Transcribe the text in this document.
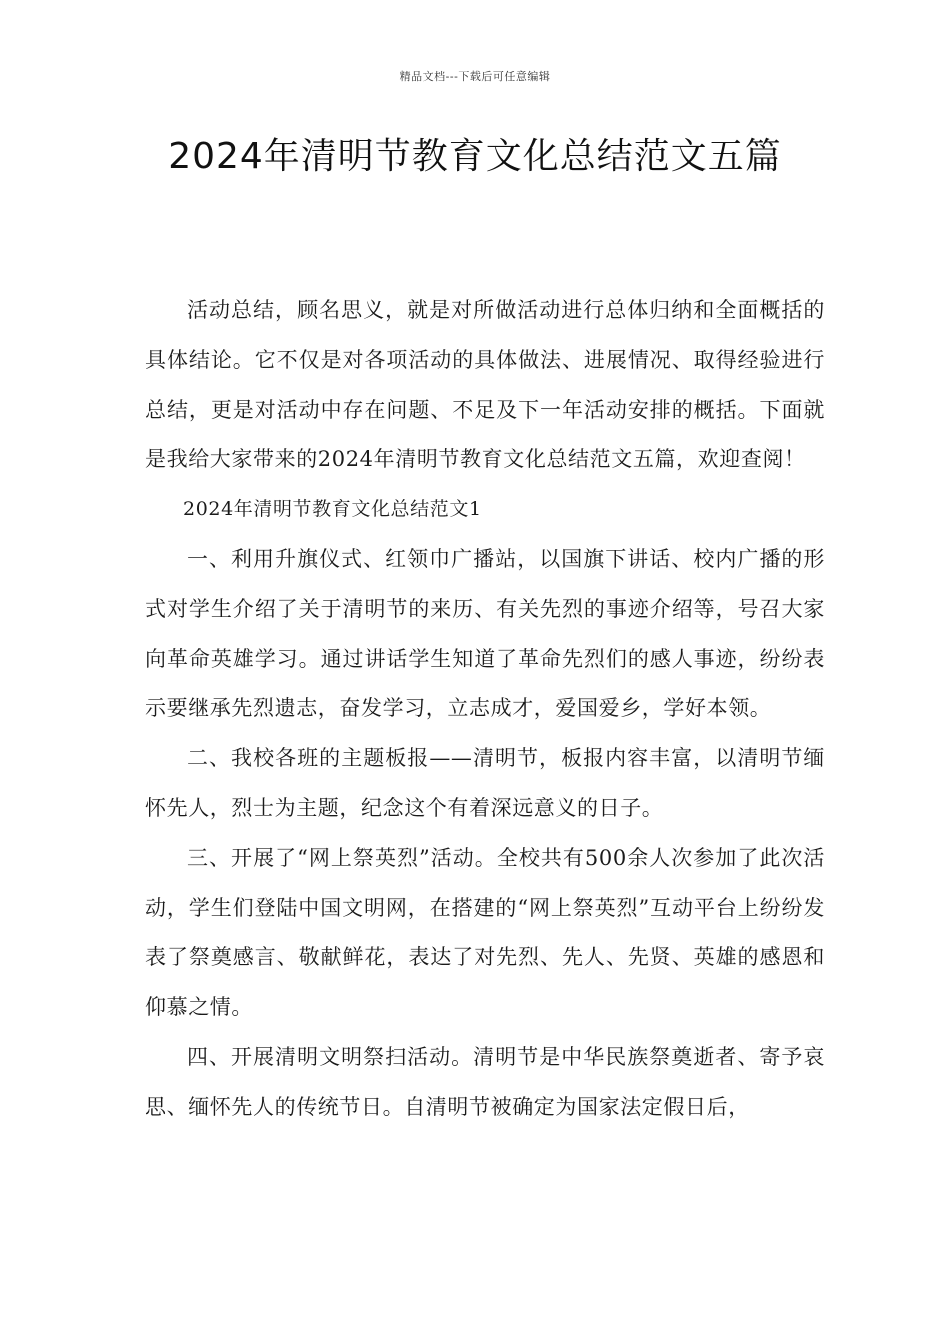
精品文档---下载后可任意编辑
2024年清明节教育文化总结范文五篇

活动总结，顾名思义，就是对所做活动进行总体归纳和全面概括的具体结论。它不仅是对各项活动的具体做法、进展情况、取得经验进行总结，更是对活动中存在问题、不足及下一年活动安排的概括。下面就是我给大家带来的2024年清明节教育文化总结范文五篇，欢迎查阅！

2024年清明节教育文化总结范文1

一、利用升旗仪式、红领巾广播站，以国旗下讲话、校内广播的形式对学生介绍了关于清明节的来历、有关先烈的事迹介绍等，号召大家向革命英雄学习。通过讲话学生知道了革命先烈们的感人事迹，纷纷表示要继承先烈遗志，奋发学习，立志成才，爱国爱乡，学好本领。

二、我校各班的主题板报——清明节，板报内容丰富，以清明节缅怀先人，烈士为主题，纪念这个有着深远意义的日子。

三、开展了“网上祭英烈”活动。全校共有500余人次参加了此次活动，学生们登陆中国文明网，在搭建的“网上祭英烈”互动平台上纷纷发表了祭奠感言、敬献鲜花，表达了对先烈、先人、先贤、英雄的感恩和仰慕之情。

四、开展清明文明祭扫活动。清明节是中华民族祭奠逝者、寄予哀思、缅怀先人的传统节日。自清明节被确定为国家法定假日后，
